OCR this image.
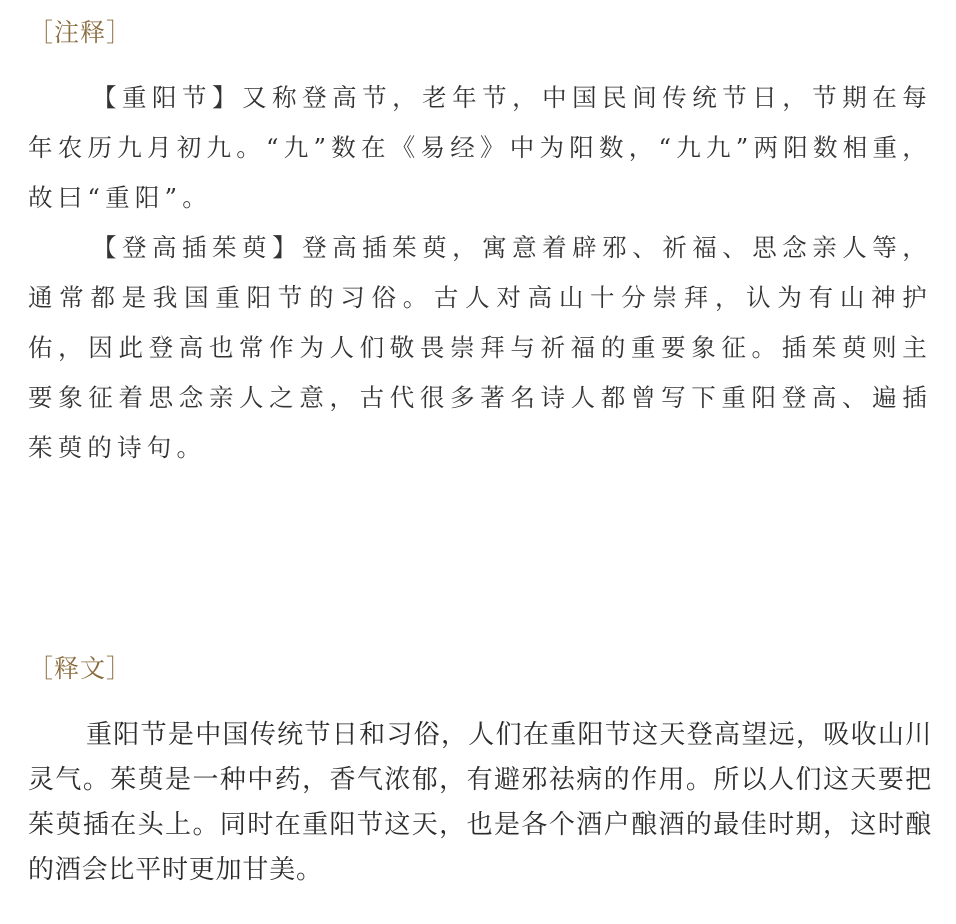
［注释］

【重阳节】又称登高节，老年节，中国民间传统节日，节期在每年农历九月初九。“九”数在《易经》中为阳数，“九九”两阳数相重，故曰“重阳”。

【登高插茱萸】登高插茱萸，寓意着辟邪、祈福、思念亲人等，通常都是我国重阳节的习俗。古人对高山十分崇拜，认为有山神护佑，因此登高也常作为人们敬畏崇拜与祈福的重要象征。插茱萸则主要象征着思念亲人之意，古代很多著名诗人都曾写下重阳登高、遍插茱萸的诗句。

［释文］

重阳节是中国传统节日和习俗，人们在重阳节这天登高望远，吸收山川灵气。茱萸是一种中药，香气浓郁，有避邪祛病的作用。所以人们这天要把茱萸插在头上。同时在重阳节这天，也是各个酒户酿酒的最佳时期，这时酿的酒会比平时更加甘美。
